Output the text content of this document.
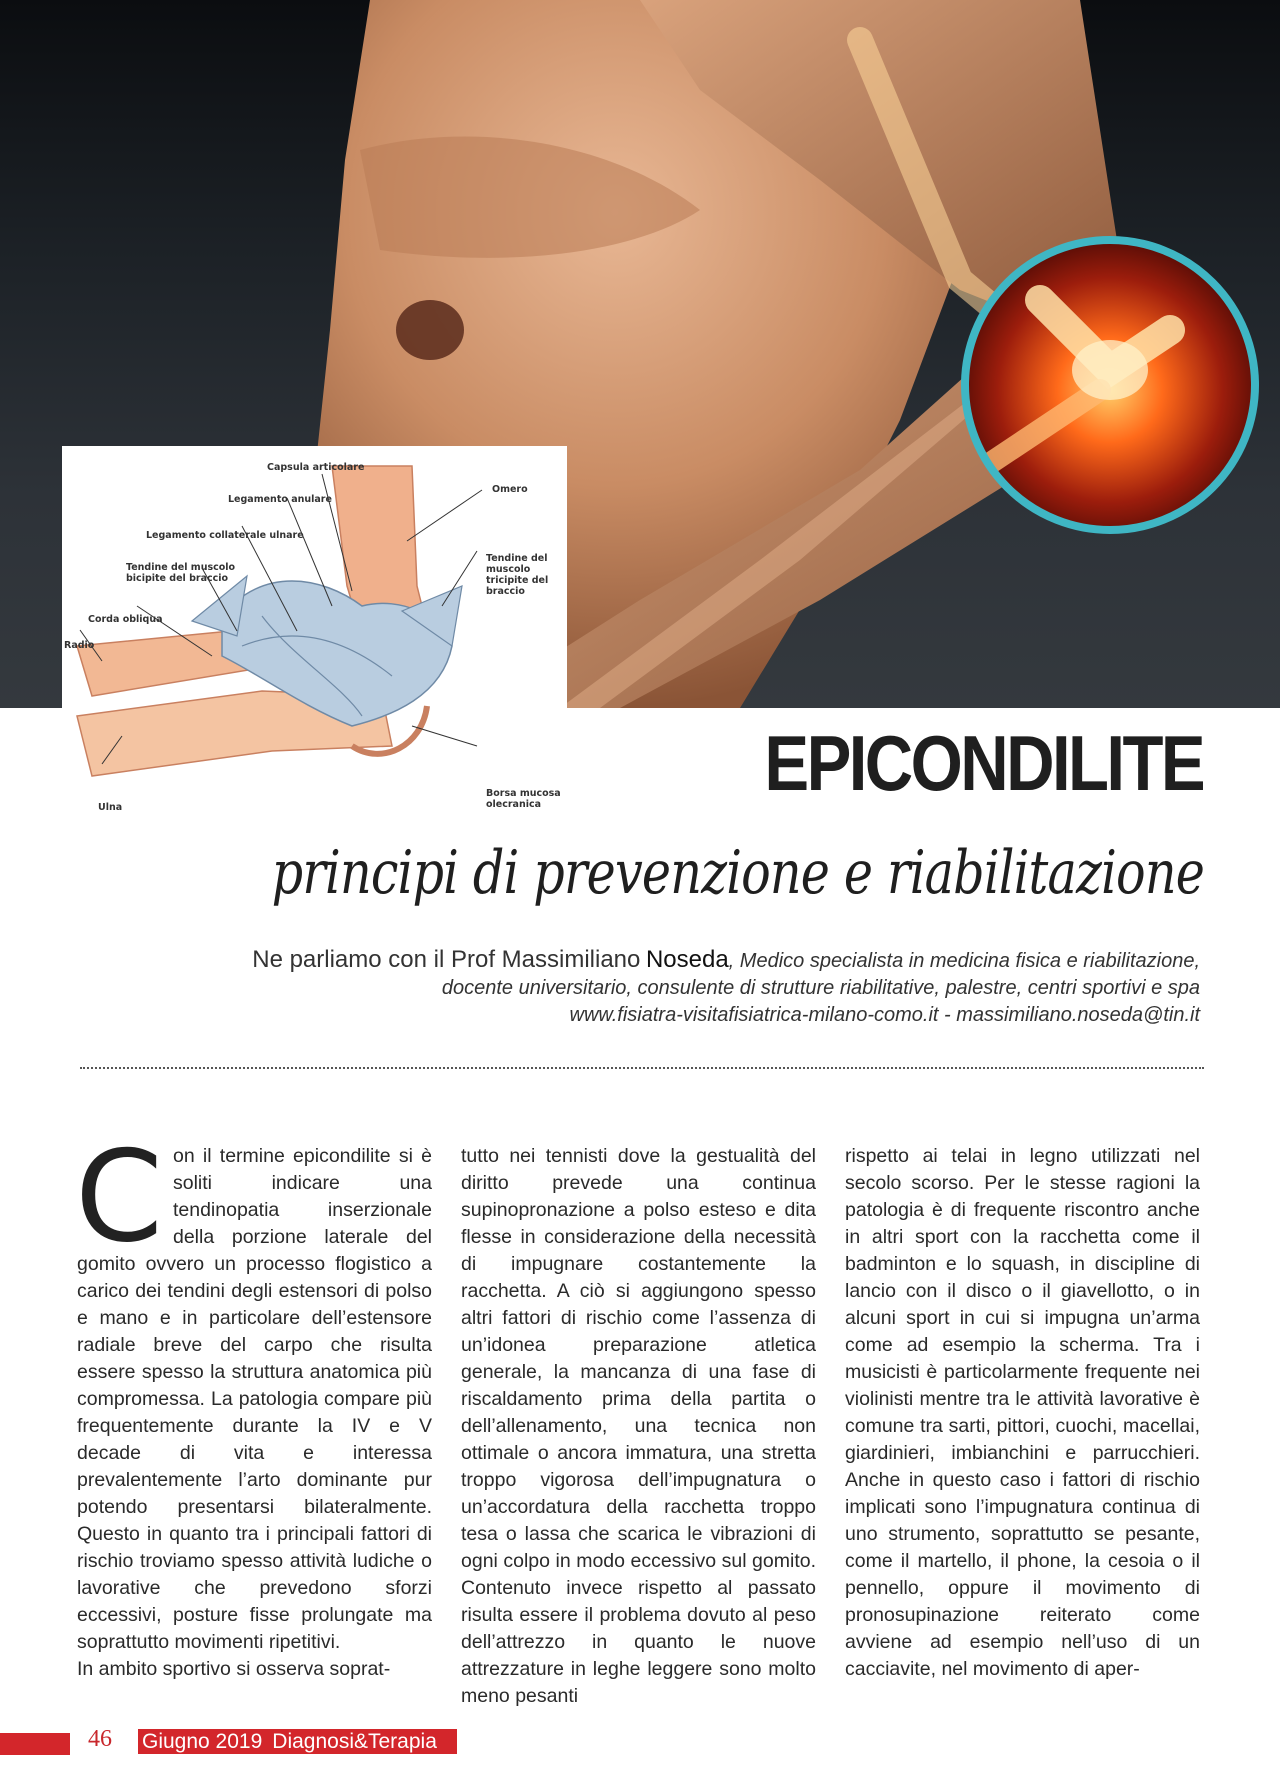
Capsula articolare
Omero
Legamento anulare
Legamento collaterale ulnare
Tendine del muscolo bicipite del braccio
Tendine del muscolo tricipite del braccio
Corda obliqua
Radio
Ulna
Borsa mucosa olecranica	EPICONDILITE
principi di prevenzione e riabilitazione
Ne parliamo con il Prof Massimiliano Noseda, Medico specialista in medicina fisica e riabilitazione,
docente universitario, consulente di strutture riabilitative, palestre, centri sportivi e spa
www.fisiatra-visitafisiatrica-milano-como.it - massimiliano.noseda@tin.it
C on il termine epicondilite si è soliti indicare una tendinopatia inserzionale della porzione laterale del gomito ovvero un processo flogistico a carico dei tendini degli estensori di polso e mano e in particolare dell’estensore radiale breve del carpo che risulta essere spesso la struttura anatomica più compromessa. La patologia compare più frequentemente durante la IV e V decade di vita e interessa prevalentemente l’arto dominante pur potendo presentarsi bilateralmente. Questo in quanto tra i principali fattori di rischio troviamo spesso attività ludiche o lavorative che prevedono sforzi eccessivi, posture fisse prolungate ma soprattutto movimenti ripetitivi.

In ambito sportivo si osserva soprat-

tutto nei tennisti dove la gestualità del diritto prevede una continua supinopronazione a polso esteso e dita flesse in considerazione della necessità di impugnare costantemente la racchetta. A ciò si aggiungono spesso altri fattori di rischio come l’assenza di un’idonea preparazione atletica generale, la mancanza di una fase di riscaldamento prima della partita o dell’allenamento, una tecnica non ottimale o ancora immatura, una stretta troppo vigorosa dell’impugnatura o un’accordatura della racchetta troppo tesa o lassa che scarica le vibrazioni di ogni colpo in modo eccessivo sul gomito. Contenuto invece rispetto al passato risulta essere il problema dovuto al peso dell’attrezzo in quanto le nuove attrezzature in leghe leggere sono molto meno pesanti

rispetto ai telai in legno utilizzati nel secolo scorso. Per le stesse ragioni la patologia è di frequente riscontro anche in altri sport con la racchetta come il badminton e lo squash, in discipline di lancio con il disco o il giavellotto, o in alcuni sport in cui si impugna un’arma come ad esempio la scherma. Tra i musicisti è particolarmente frequente nei violinisti mentre tra le attività lavorative è comune tra sarti, pittori, cuochi, macellai, giardinieri, imbianchini e parrucchieri. Anche in questo caso i fattori di rischio implicati sono l’impugnatura continua di uno strumento, soprattutto se pesante, come il martello, il phone, la cesoia o il pennello, oppure il movimento di pronosupinazione reiterato come avviene ad esempio nell’uso di un cacciavite, nel movimento di aper-

46 Giugno 2019 Diagnosi&Terapia
